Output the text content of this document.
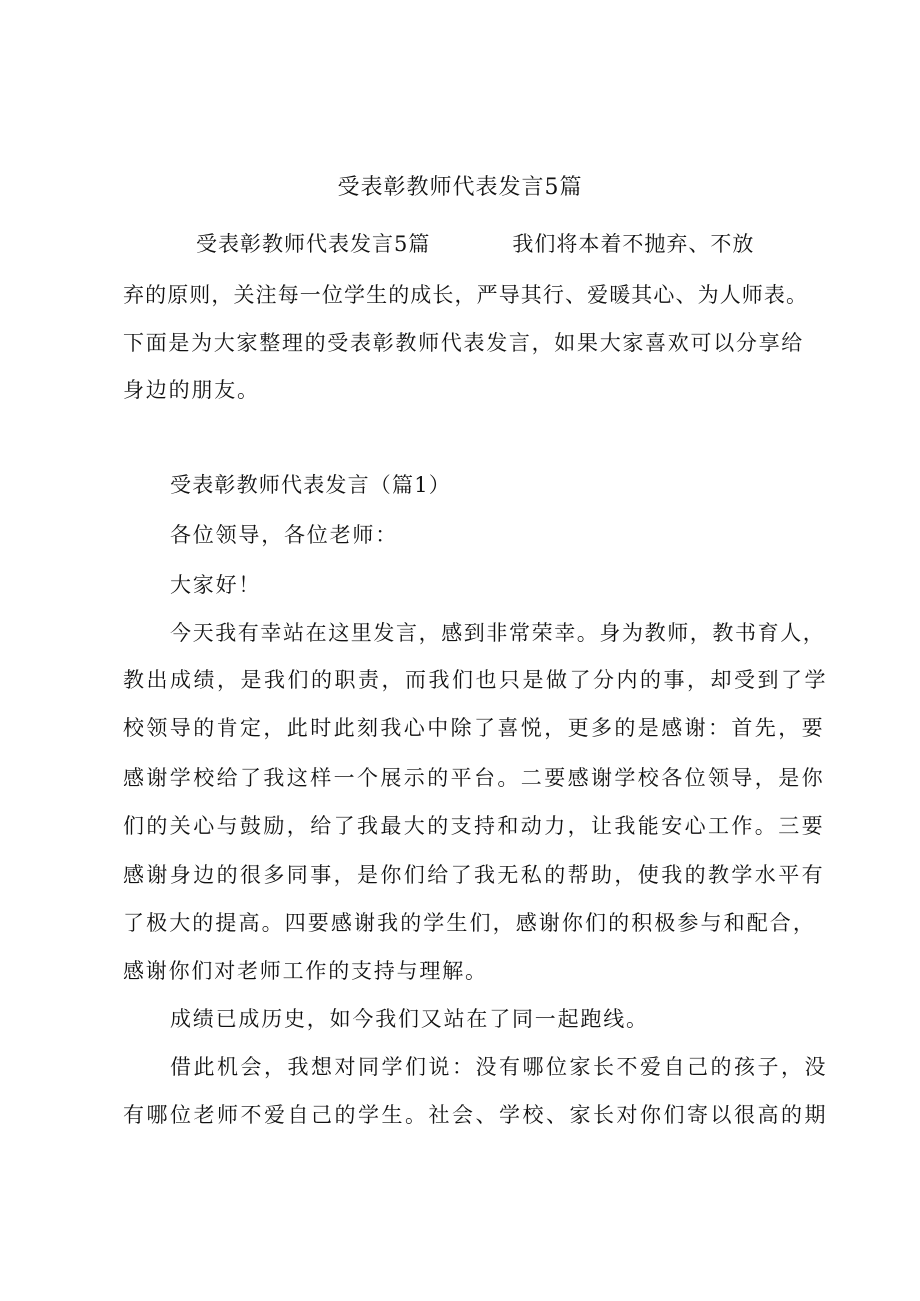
受表彰教师代表发言5篇
受表彰教师代表发言5篇	我们将本着不抛弃、不放
弃的原则，关注每一位学生的成长，严导其行、爱暖其心、为人师表。
下面是为大家整理的受表彰教师代表发言，如果大家喜欢可以分享给
身边的朋友。
受表彰教师代表发言（篇1）
各位领导，各位老师：
大家好！
今天我有幸站在这里发言，感到非常荣幸。身为教师，教书育人，
教出成绩，是我们的职责，而我们也只是做了分内的事，却受到了学
校领导的肯定，此时此刻我心中除了喜悦，更多的是感谢：首先，要
感谢学校给了我这样一个展示的平台。二要感谢学校各位领导，是你
们的关心与鼓励，给了我最大的支持和动力，让我能安心工作。三要
感谢身边的很多同事，是你们给了我无私的帮助，使我的教学水平有
了极大的提高。四要感谢我的学生们，感谢你们的积极参与和配合，
感谢你们对老师工作的支持与理解。
成绩已成历史，如今我们又站在了同一起跑线。
借此机会，我想对同学们说：没有哪位家长不爱自己的孩子，没
有哪位老师不爱自己的学生。社会、学校、家长对你们寄以很高的期
